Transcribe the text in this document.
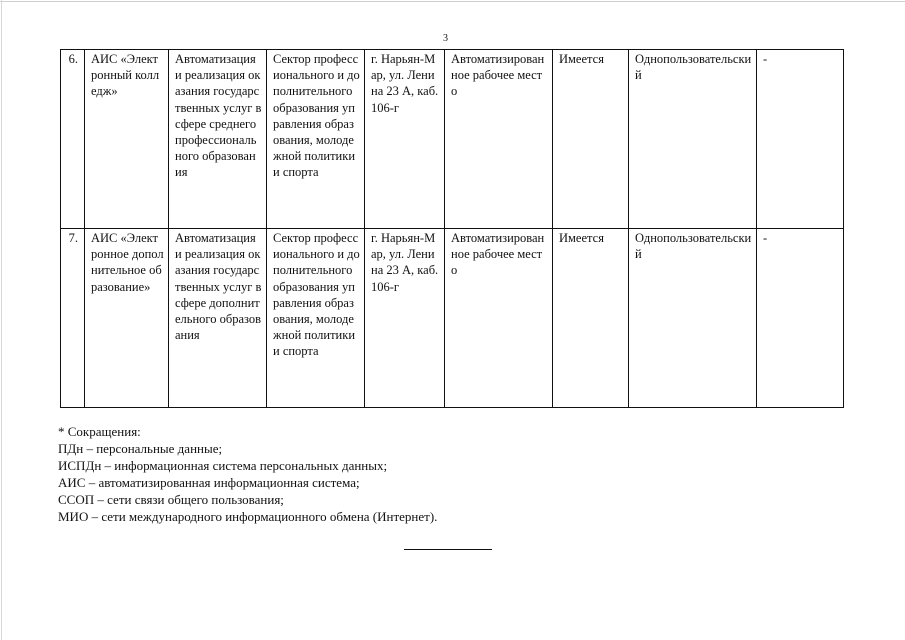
3
6.	АИС «Электронный колледж»	Автоматизация и реализация оказания государственных услуг в сфере среднего профессионального образования	Сектор профессионального и дополнительного образования управления образования, молодежной политики и спорта	г. Нарьян-Мар, ул. Ленина 23 А, каб. 106-г	Автоматизированное рабочее место	Имеется	Однопользовательский	-
7.	АИС «Электронное дополнительное образование»	Автоматизация и реализация оказания государственных услуг в сфере дополнительного образования	Сектор профессионального и дополнительного образования управления образования, молодежной политики и спорта	г. Нарьян-Мар, ул. Ленина 23 А, каб. 106-г	Автоматизированное рабочее место	Имеется	Однопользовательский	-
* Сокращения:
ПДн – персональные данные;
ИСПДн – информационная система персональных данных;
АИС – автоматизированная информационная система;
ССОП – сети связи общего пользования;
МИО – сети международного информационного обмена (Интернет).
